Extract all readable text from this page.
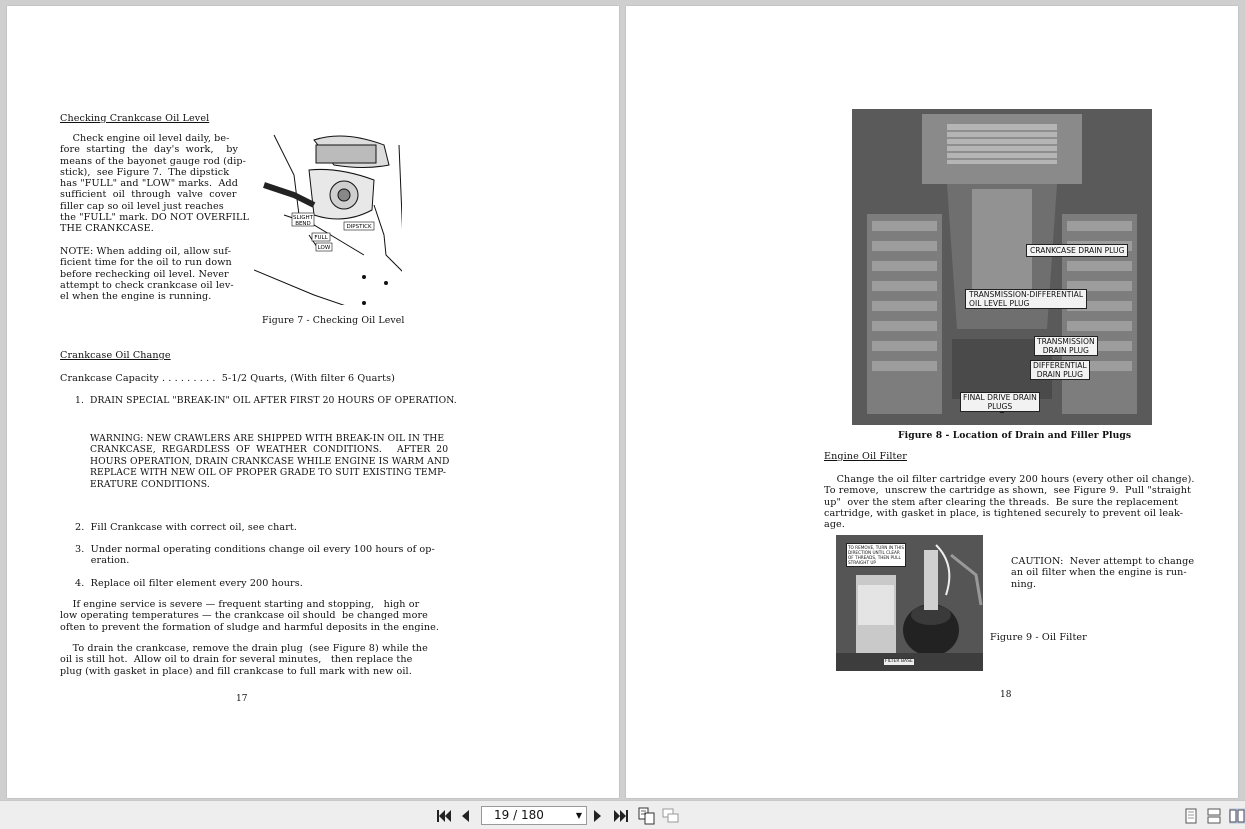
Checking Crankcase Oil Level
Check engine oil level daily, be-
fore  starting  the  day's  work,    by
means of the bayonet gauge rod (dip-
stick),  see Figure 7.  The dipstick
has "FULL" and "LOW" marks.  Add
sufficient  oil  through  valve  cover
filler cap so oil level just reaches
the "FULL" mark. DO NOT OVERFILL
THE CRANKCASE.
NOTE: When adding oil, allow suf-
ficient time for the oil to run down
before rechecking oil level. Never
attempt to check crankcase oil lev-
el when the engine is running.
SLIGHT
BEND	DIPSTICK
FULL
LOW
Figure 7 - Checking Oil Level
Crankcase Oil Change
Crankcase Capacity . . . . . . . . .  5-1/2 Quarts, (With filter 6 Quarts)
1.  DRAIN SPECIAL "BREAK-IN" OIL AFTER FIRST 20 HOURS OF OPERATION.
WARNING: NEW CRAWLERS ARE SHIPPED WITH BREAK-IN OIL IN THE
CRANKCASE,  REGARDLESS  OF  WEATHER  CONDITIONS.     AFTER  20
HOURS OPERATION, DRAIN CRANKCASE WHILE ENGINE IS WARM AND
REPLACE WITH NEW OIL OF PROPER GRADE TO SUIT EXISTING TEMP-
ERATURE CONDITIONS.
2.  Fill Crankcase with correct oil, see chart.
3.  Under normal operating conditions change oil every 100 hours of op-
eration.
4.  Replace oil filter element every 200 hours.
If engine service is severe — frequent starting and stopping,   high or
low operating temperatures — the crankcase oil should  be changed more
often to prevent the formation of sludge and harmful deposits in the engine.
To drain the crankcase, remove the drain plug  (see Figure 8) while the
oil is still hot.  Allow oil to drain for several minutes,   then replace the
plug (with gasket in place) and fill crankcase to full mark with new oil.
17
CRANKCASE DRAIN PLUG
TRANSMISSION-DIFFERENTIAL
OIL LEVEL PLUG
TRANSMISSION
DRAIN PLUG
DIFFERENTIAL
DRAIN PLUG
FINAL DRIVE DRAIN
PLUGS
Figure 8 - Location of Drain and Filler Plugs
Engine Oil Filter
Change the oil filter cartridge every 200 hours (every other oil change).
To remove,  unscrew the cartridge as shown,  see Figure 9.  Pull "straight
up"  over the stem after clearing the threads.  Be sure the replacement
cartridge, with gasket in place, is tightened securely to prevent oil leak-
age.
TO REMOVE, TURN IN THIS
DIRECTION UNTIL CLEAR
OF THREADS, THEN PULL
STRAIGHT UP
FILTER BASE
CAUTION:  Never attempt to change
an oil filter when the engine is run-
ning.
Figure 9 - Oil Filter
18
19 / 180	▼
